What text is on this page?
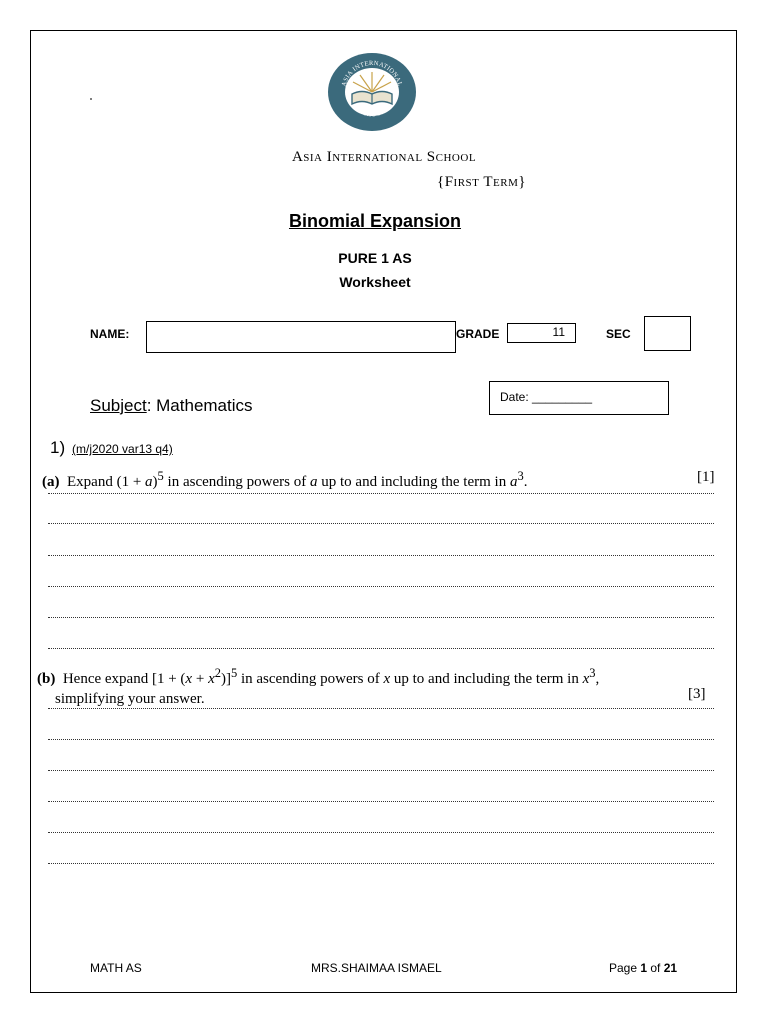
ASIA INTERNATIONAL
SCHOOL
Asia International School
{First Term}
Binomial Expansion
PURE 1 AS
Worksheet
NAME:	GRADE	11	SEC
Subject: Mathematics	Date: _________
1) (m/j2020 var13 q4)
(a)  Expand $(1 + a)^5$ in ascending powers of a up to and including the term in $a^3$.	[1]
(b)  Hence expand $[1 + (x + x^2)]^5$ in ascending powers of x up to and including the term in $x^3$,
simplifying your answer.	[3]
MATH AS	MRS.SHAIMAA ISMAEL	Page 1 of 21
